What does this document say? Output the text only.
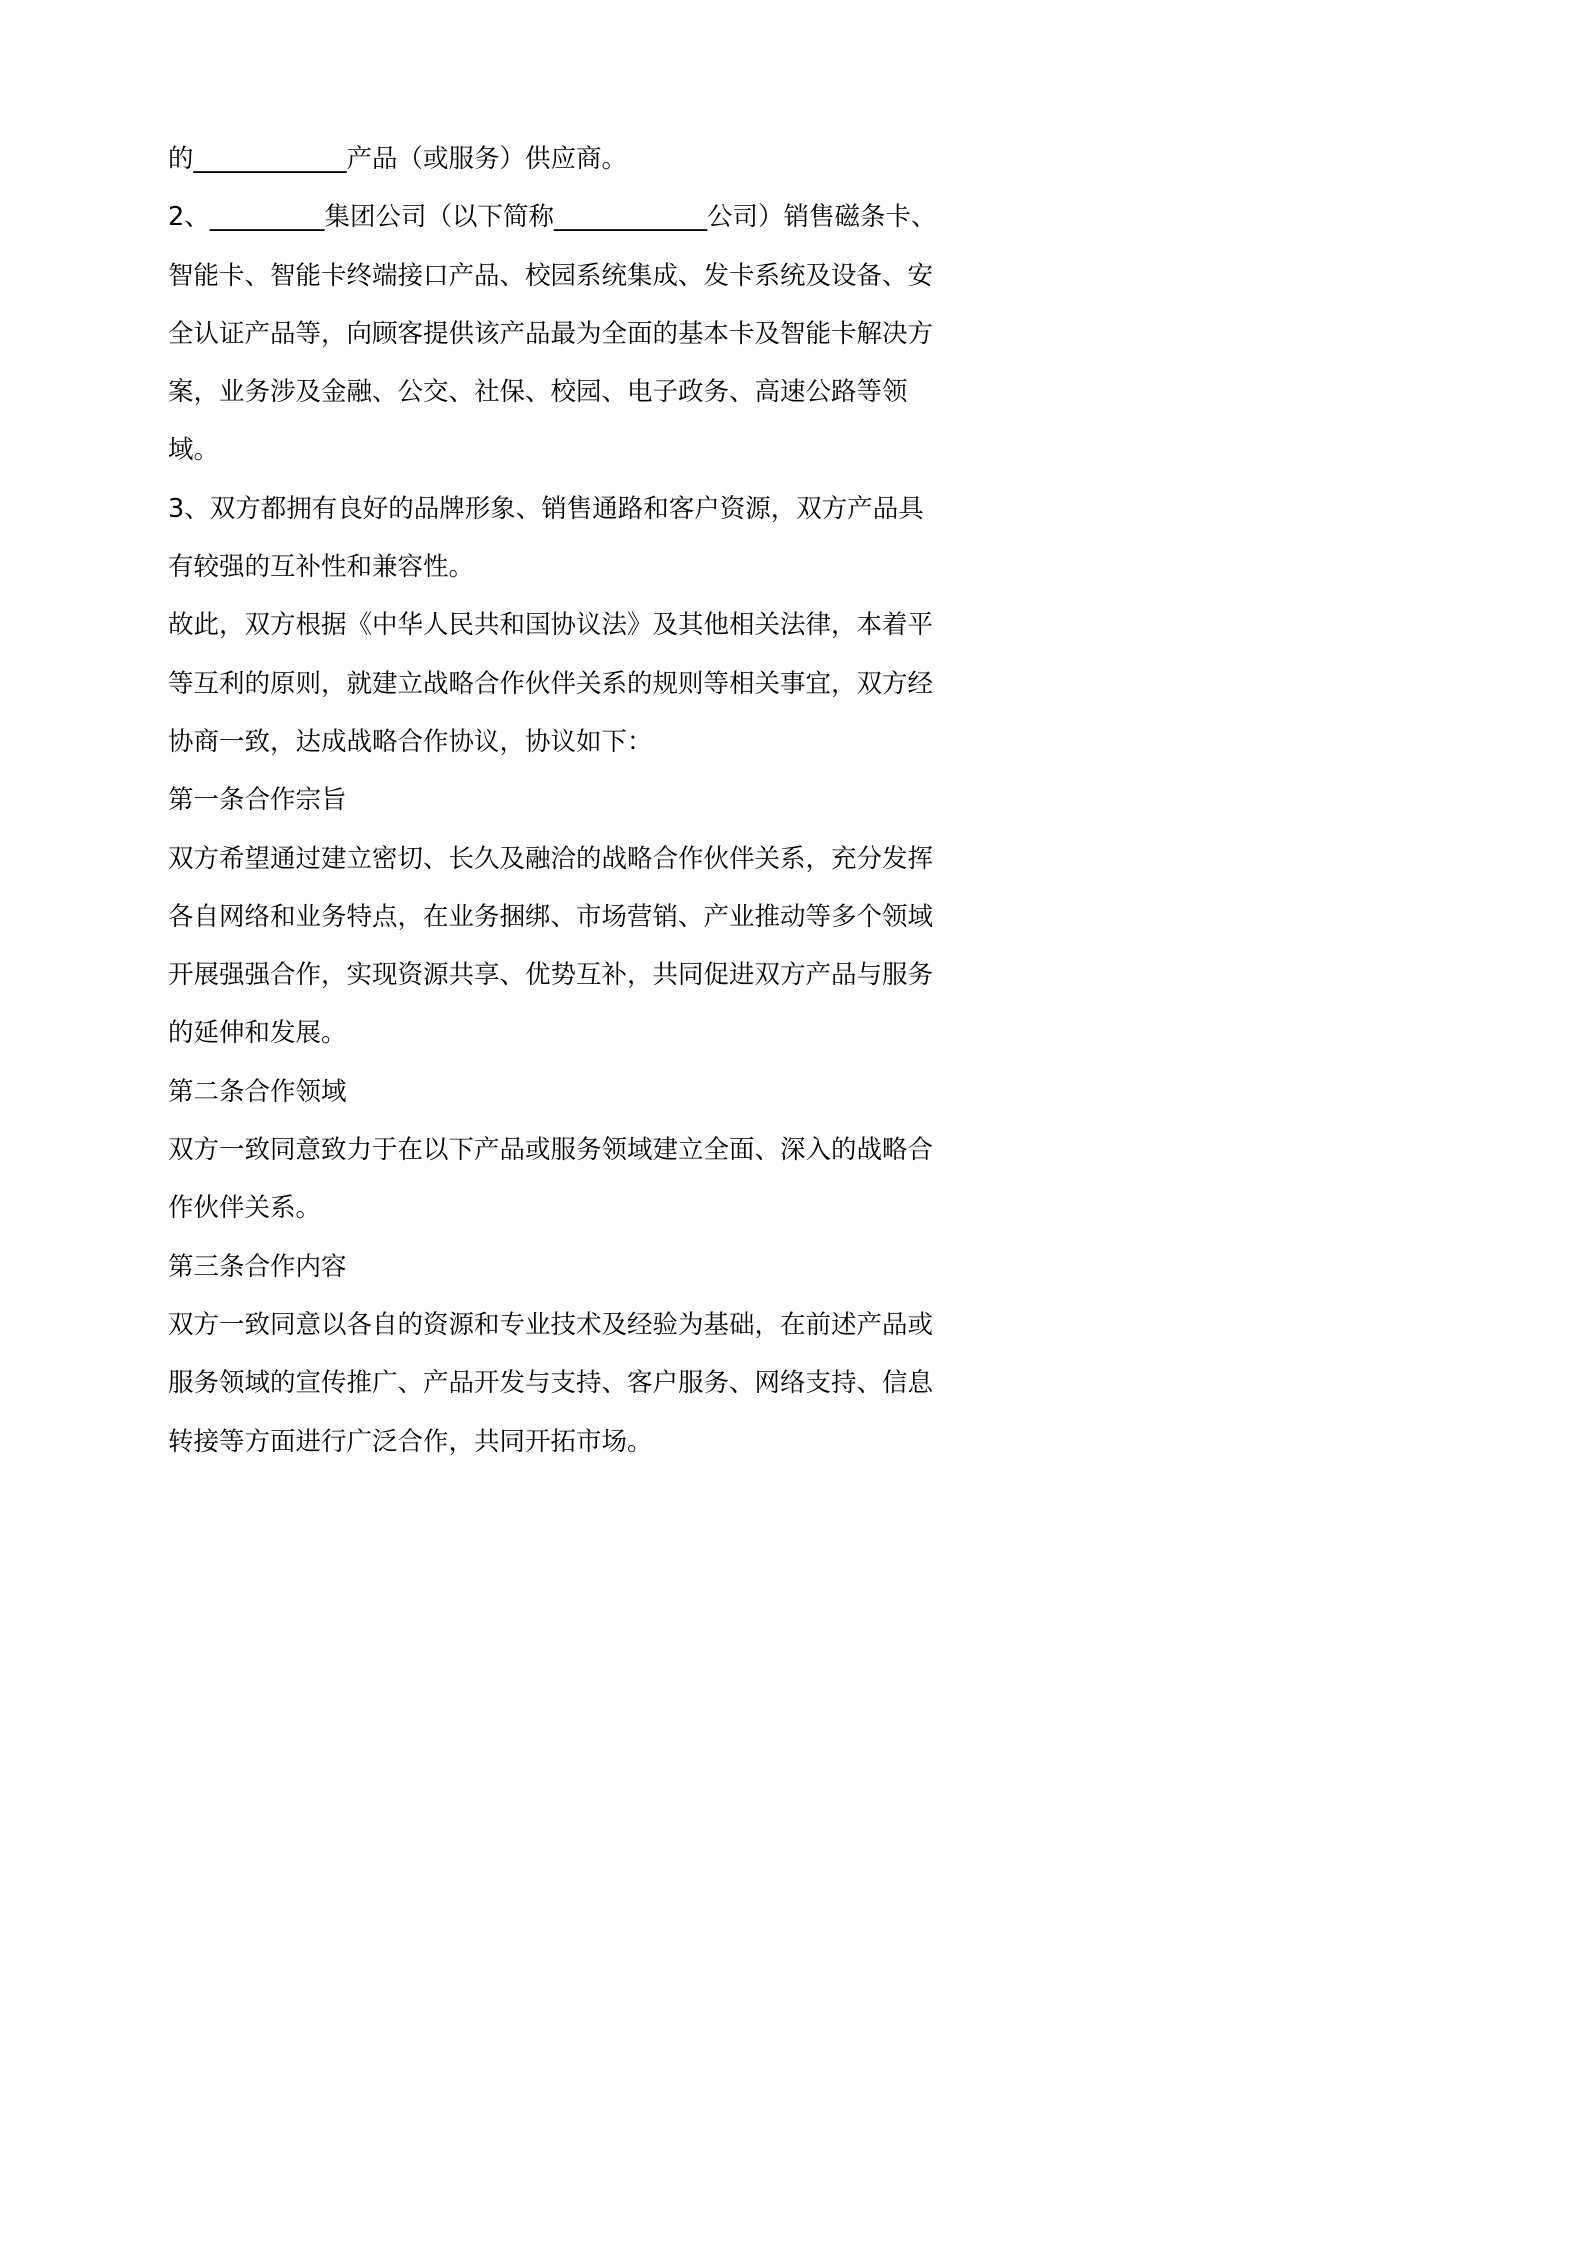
的____________产品（或服务）供应商。

2、_________集团公司（以下简称____________公司）销售磁条卡、智能卡、智能卡终端接口产品、校园系统集成、发卡系统及设备、安全认证产品等，向顾客提供该产品最为全面的基本卡及智能卡解决方案，业务涉及金融、公交、社保、校园、电子政务、高速公路等领域。

3、双方都拥有良好的品牌形象、销售通路和客户资源，双方产品具有较强的互补性和兼容性。

故此，双方根据《中华人民共和国协议法》及其他相关法律，本着平等互利的原则，就建立战略合作伙伴关系的规则等相关事宜，双方经协商一致，达成战略合作协议，协议如下：

第一条合作宗旨

双方希望通过建立密切、长久及融洽的战略合作伙伴关系，充分发挥各自网络和业务特点，在业务捆绑、市场营销、产业推动等多个领域开展强强合作，实现资源共享、优势互补，共同促进双方产品与服务的延伸和发展。

第二条合作领域

双方一致同意致力于在以下产品或服务领域建立全面、深入的战略合作伙伴关系。

第三条合作内容

双方一致同意以各自的资源和专业技术及经验为基础，在前述产品或服务领域的宣传推广、产品开发与支持、客户服务、网络支持、信息转接等方面进行广泛合作，共同开拓市场。
